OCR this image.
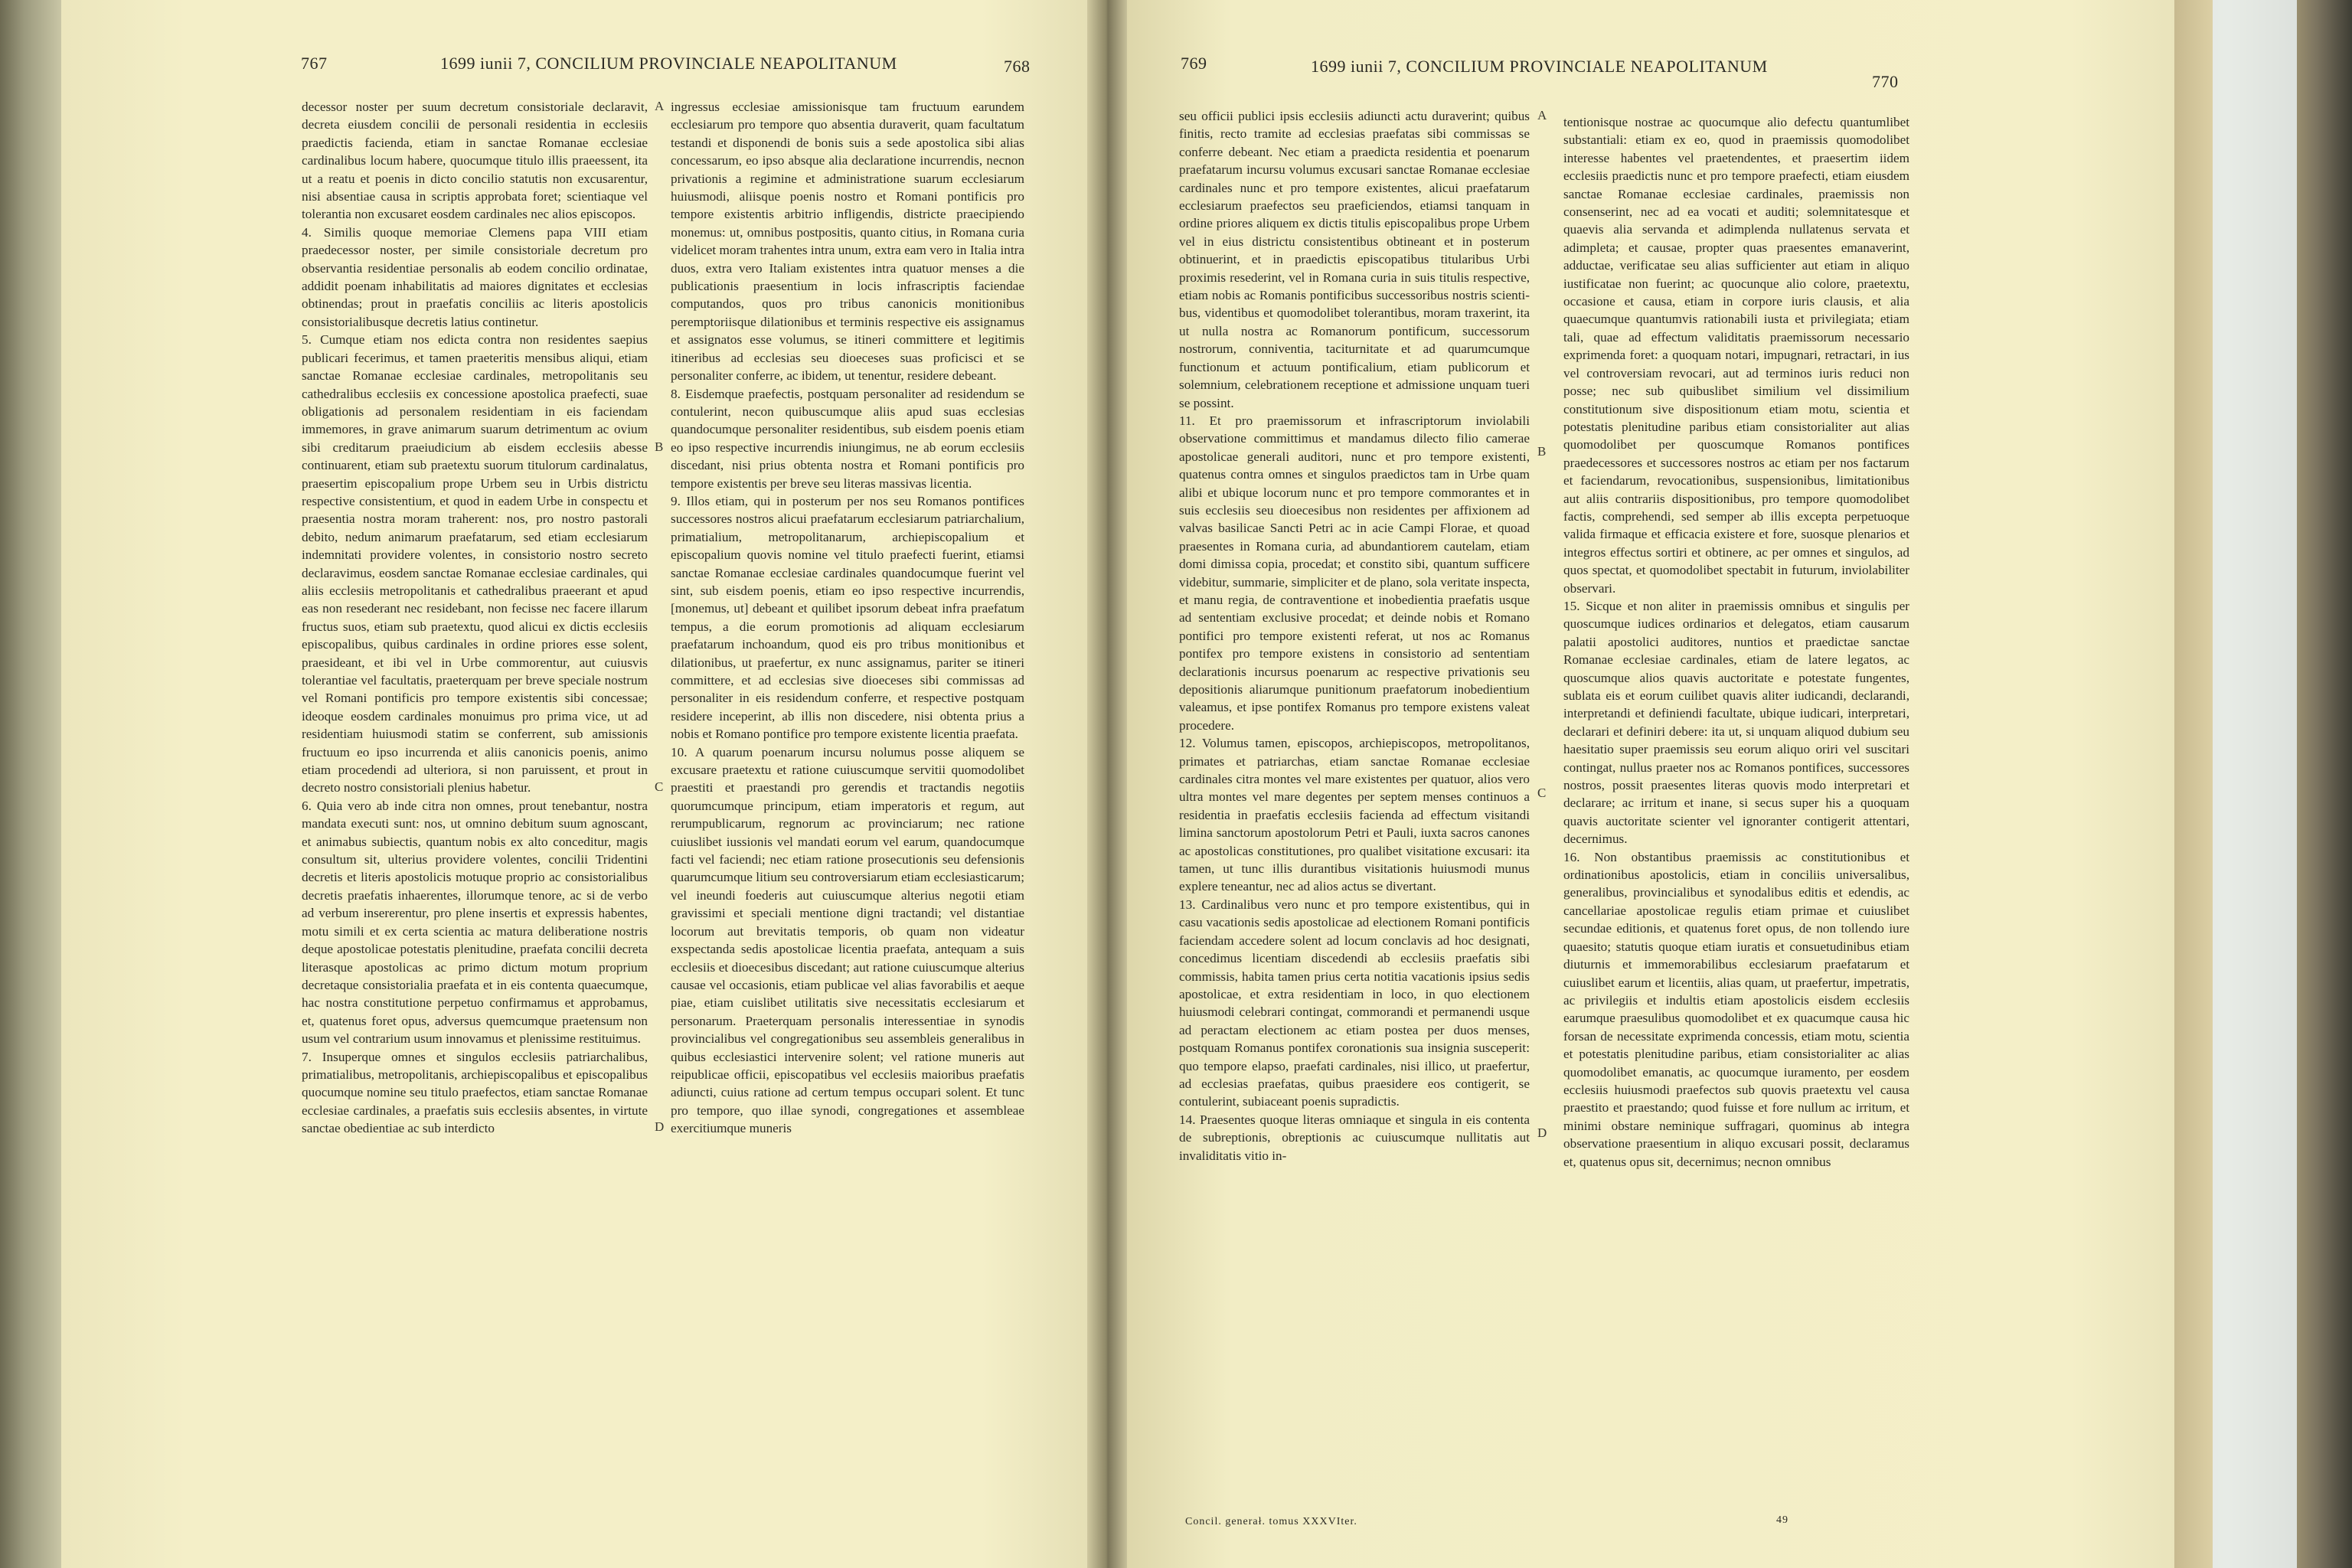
767	1699 iunii 7, CONCILIUM PROVINCIALE NEAPOLITANUM	768
decessor noster per suum decretum consistoriale declaravit, decreta eiusdem concilii de personali residentia in ecclesiis praedictis facienda, etiam in sanctae Romanae ecclesiae cardinalibus locum habere, quocumque titulo illis praeessent, ita ut a reatu et poenis in dicto concilio statutis non excusarentur, nisi absentiae causa in scriptis approbata foret; scientiaque vel tolerantia non excusaret eosdem cardinales nec alios episcopos.
4. Similis quoque memoriae Clemens papa VIII etiam praedecessor noster, per simile consistoriale decretum pro observantia residentiae personalis ab eodem concilio ordinatae, addidit poenam inhabilitatis ad maiores dignitates et ecclesias obtinendas; prout in praefatis conciliis ac literis apostolicis consistorialibusque decretis latius continetur.
5. Cumque etiam nos edicta contra non residentes saepius publicari fecerimus, et tamen praeteritis mensibus aliqui, etiam sanctae Romanae ecclesiae cardinales, metropolitanis seu cathedralibus ecclesiis ex concessione apostolica praefecti, suae obligationis ad personalem residentiam in eis faciendam immemores, in grave animarum suarum detrimentum ac ovium sibi creditarum praeiudicium ab eisdem ecclesiis abesse continuarent, etiam sub praetextu suorum titulorum cardinalatus, praesertim episcopalium prope Urbem seu in Urbis districtu respective consistentium, et quod in eadem Urbe in conspectu et praesentia nostra moram traherent: nos, pro nostro pastorali debito, nedum animarum praefatarum, sed etiam ecclesiarum indemnitati providere volentes, in consistorio nostro secreto declaravimus, eosdem sanctae Romanae ecclesiae cardinales, qui aliis ecclesiis metropolitanis et cathedralibus praeerant et apud eas non resederant nec residebant, non fecisse nec facere illarum fructus suos, etiam sub praetextu, quod alicui ex dictis ecclesiis episcopalibus, quibus cardinales in ordine priores esse solent, praesideant, et ibi vel in Urbe commorentur, aut cuiusvis tolerantiae vel facultatis, praeterquam per breve speciale nostrum vel Romani pontificis pro tempore existentis sibi concessae; ideoque eosdem cardinales monuimus pro prima vice, ut ad residentiam huiusmodi statim se conferrent, sub amissionis fructuum eo ipso incurrenda et aliis canonicis poenis, animo etiam procedendi ad ulteriora, si non paruissent, et prout in decreto nostro consistoriali plenius habetur.
6. Quia vero ab inde citra non omnes, prout tenebantur, nostra mandata executi sunt: nos, ut omnino debitum suum agnoscant, et animabus subiectis, quantum nobis ex alto conceditur, magis consultum sit, ulterius providere volentes, concilii Tridentini decretis et literis apostolicis motuque proprio ac consistorialibus decretis praefatis inhaerentes, illorumque tenore, ac si de verbo ad verbum insererentur, pro plene insertis et expressis habentes, motu simili et ex certa scientia ac matura deliberatione nostris deque apostolicae potestatis plenitudine, praefata concilii decreta literasque apostolicas ac primo dictum motum proprium decretaque consistorialia praefata et in eis contenta quaecumque, hac nostra constitutione perpetuo confirmamus et approbamus, et, quatenus foret opus, adversus quemcumque praetensum non usum vel contrarium usum innovamus et plenissime restituimus.
7. Insuperque omnes et singulos ecclesiis patriarchalibus, primatialibus, metropolitanis, archiepiscopalibus et episcopalibus quocumque nomine seu titulo praefectos, etiam sanctae Romanae ecclesiae cardinales, a praefatis suis ecclesiis absentes, in virtute sanctae obedientiae ac sub interdicto
ingressus ecclesiae amissionisque tam fructuum earundem ecclesiarum pro tempore quo absentia duraverit, quam facultatum testandi et disponendi de bonis suis a sede apostolica sibi alias concessarum, eo ipso absque alia declaratione incurrendis, necnon privationis a regimine et administratione suarum ecclesiarum huiusmodi, aliisque poenis nostro et Romani pontificis pro tempore existentis arbitrio infligendis, districte praecipiendo monemus: ut, omnibus postpositis, quanto citius, in Romana curia videlicet moram trahentes intra unum, extra eam vero in Italia intra duos, extra vero Italiam existentes intra quatuor menses a die publicationis praesentium in locis infrascriptis faciendae computandos, quos pro tribus canonicis monitionibus peremptoriisque dilationibus et terminis respective eis assignamus et assignatos esse volumus, se itineri committere et legitimis itineribus ad ecclesias seu dioeceses suas proficisci et se personaliter conferre, ac ibidem, ut tenentur, residere debeant.
8. Eisdemque praefectis, postquam personaliter ad residendum se contulerint, necon quibuscumque aliis apud suas ecclesias quandocumque personaliter residentibus, sub eisdem poenis etiam eo ipso respective incurrendis iniungimus, ne ab eorum ecclesiis discedant, nisi prius obtenta nostra et Romani pontificis pro tempore existentis per breve seu literas massivas licentia.
9. Illos etiam, qui in posterum per nos seu Romanos pontifices successores nostros alicui praefatarum ecclesiarum patriarchalium, primatialium, metropolitanarum, archiepiscopalium et episcopalium quovis nomine vel titulo praefecti fuerint, etiamsi sanctae Romanae ecclesiae cardinales quandocumque fuerint vel sint, sub eisdem poenis, etiam eo ipso respective incurrendis, [monemus, ut] debeant et quilibet ipsorum debeat infra praefatum tempus, a die eorum promotionis ad aliquam ecclesiarum praefatarum inchoandum, quod eis pro tribus monitionibus et dilationibus, ut praefertur, ex nunc assignamus, pariter se itineri committere, et ad ecclesias sive dioeceses sibi commissas ad personaliter in eis residendum conferre, et respective postquam residere inceperint, ab illis non discedere, nisi obtenta prius a nobis et Romano pontifice pro tempore existente licentia praefata.
10. A quarum poenarum incursu nolumus posse aliquem se excusare praetextu et ratione cuiuscumque servitii quomodolibet praestiti et praestandi pro gerendis et tractandis negotiis quorumcumque principum, etiam imperatoris et regum, aut rerumpublicarum, regnorum ac provinciarum; nec ratione cuiuslibet iussionis vel mandati eorum vel earum, quandocumque facti vel faciendi; nec etiam ratione prosecutionis seu defensionis quarumcumque litium seu controversiarum etiam ecclesiasticarum; vel ineundi foederis aut cuiuscumque alterius negotii etiam gravissimi et speciali mentione digni tractandi; vel distantiae locorum aut brevitatis temporis, ob quam non videatur exspectanda sedis apostolicae licentia praefata, antequam a suis ecclesiis et dioecesibus discedant; aut ratione cuiuscumque alterius causae vel occasionis, etiam publicae vel alias favorabilis et aeque piae, etiam cuislibet utilitatis sive necessitatis ecclesiarum et personarum. Praeterquam personalis interessentiae in synodis provincialibus vel congregationibus seu assembleis generalibus in quibus ecclesiastici intervenire solent; vel ratione muneris aut reipublicae officii, episcopatibus vel ecclesiis maioribus praefatis adiuncti, cuius ratione ad certum tempus occupari solent. Et tunc pro tempore, quo illae synodi, congregationes et assembleae exercitiumque muneris
A
B
C
D
769	1699 iunii 7, CONCILIUM PROVINCIALE NEAPOLITANUM
770
seu officii publici ipsis ecclesiis adiuncti actu duraverint; quibus finitis, recto tramite ad ecclesias praefatas sibi commissas se conferre debeant. Nec etiam a praedicta residentia et poenarum praefatarum incursu volumus excusari sanctae Romanae ecclesiae cardinales nunc et pro tempore existentes, alicui praefatarum ecclesiarum praefectos seu praeficiendos, etiamsi tanquam in ordine priores aliquem ex dictis titulis episcopalibus prope Urbem vel in eius districtu consistentibus obtineant et in posterum obtinuerint, et in praedictis episcopatibus titularibus Urbi proximis resederint, vel in Romana curia in suis titulis respective, etiam nobis ac Romanis pontificibus successoribus nostris scientibus, videntibus et quomodolibet tolerantibus, moram traxerint, ita ut nulla nostra ac Romanorum pontificum, successorum nostrorum, conniventia, taciturnitate et ad quarumcumque functionum et actuum pontificalium, etiam publicorum et solemnium, celebrationem receptione et admissione unquam tueri se possint.
11. Et pro praemissorum et infrascriptorum inviolabili observatione committimus et mandamus dilecto filio camerae apostolicae generali auditori, nunc et pro tempore existenti, quatenus contra omnes et singulos praedictos tam in Urbe quam alibi et ubique locorum nunc et pro tempore commorantes et in suis ecclesiis seu dioecesibus non residentes per affixionem ad valvas basilicae Sancti Petri ac in acie Campi Florae, et quoad praesentes in Romana curia, ad abundantiorem cautelam, etiam domi dimissa copia, procedat; et constito sibi, quantum sufficere videbitur, summarie, simpliciter et de plano, sola veritate inspecta, et manu regia, de contraventione et inobedientia praefatis usque ad sententiam exclusive procedat; et deinde nobis et Romano pontifici pro tempore existenti referat, ut nos ac Romanus pontifex pro tempore existens in consistorio ad sententiam declarationis incursus poenarum ac respective privationis seu depositionis aliarumque punitionum praefatorum inobedientium valeamus, et ipse pontifex Romanus pro tempore existens valeat procedere.
12. Volumus tamen, episcopos, archiepiscopos, metropolitanos, primates et patriarchas, etiam sanctae Romanae ecclesiae cardinales citra montes vel mare existentes per quatuor, alios vero ultra montes vel mare degentes per septem menses continuos a residentia in praefatis ecclesiis facienda ad effectum visitandi limina sanctorum apostolorum Petri et Pauli, iuxta sacros canones ac apostolicas constitutiones, pro qualibet visitatione excusari: ita tamen, ut tunc illis durantibus visitationis huiusmodi munus explere teneantur, nec ad alios actus se divertant.
13. Cardinalibus vero nunc et pro tempore existentibus, qui in casu vacationis sedis apostolicae ad electionem Romani pontificis faciendam accedere solent ad locum conclavis ad hoc designati, concedimus licentiam discedendi ab ecclesiis praefatis sibi commissis, habita tamen prius certa notitia vacationis ipsius sedis apostolicae, et extra residentiam in loco, in quo electionem huiusmodi celebrari contingat, commorandi et permanendi usque ad peractam electionem ac etiam postea per duos menses, postquam Romanus pontifex coronationis sua insignia susceperit: quo tempore elapso, praefati cardinales, nisi illico, ut praefertur, ad ecclesias praefatas, quibus praesidere eos contigerit, se contulerint, subiaceant poenis supradictis.
14. Praesentes quoque literas omniaque et singula in eis contenta de subreptionis, obreptionis ac cuiuscumque nullitatis aut invaliditatis vitio in-
tentionisque nostrae ac quocumque alio defectu quantumlibet substantiali: etiam ex eo, quod in praemissis quomodolibet interesse habentes vel praetendentes, et praesertim iidem ecclesiis praedictis nunc et pro tempore praefecti, etiam eiusdem sanctae Romanae ecclesiae cardinales, praemissis non consenserint, nec ad ea vocati et auditi; solemnitatesque et quaevis alia servanda et adimplenda nullatenus servata et adimpleta; et causae, propter quas praesentes emanaverint, adductae, verificatae seu alias sufficienter aut etiam in aliquo iustificatae non fuerint; ac quocunque alio colore, praetextu, occasione et causa, etiam in corpore iuris clausis, et alia quaecumque quantumvis rationabili iusta et privilegiata; etiam tali, quae ad effectum validitatis praemissorum necessario exprimenda foret: a quoquam notari, impugnari, retractari, in ius vel controversiam revocari, aut ad terminos iuris reduci non posse; nec sub quibuslibet similium vel dissimilium constitutionum sive dispositionum etiam motu, scientia et potestatis plenitudine paribus etiam consistorialiter aut alias quomodolibet per quoscumque Romanos pontifices praedecessores et successores nostros ac etiam per nos factarum et faciendarum, revocationibus, suspensionibus, limitationibus aut aliis contrariis dispositionibus, pro tempore quomodolibet factis, comprehendi, sed semper ab illis excepta perpetuoque valida firmaque et efficacia existere et fore, suosque plenarios et integros effectus sortiri et obtinere, ac per omnes et singulos, ad quos spectat, et quomodolibet spectabit in futurum, inviolabiliter observari.
15. Sicque et non aliter in praemissis omnibus et singulis per quoscumque iudices ordinarios et delegatos, etiam causarum palatii apostolici auditores, nuntios et praedictae sanctae Romanae ecclesiae cardinales, etiam de latere legatos, ac quoscumque alios quavis auctoritate e potestate fungentes, sublata eis et eorum cuilibet quavis aliter iudicandi, declarandi, interpretandi et definiendi facultate, ubique iudicari, interpretari, declarari et definiri debere: ita ut, si unquam aliquod dubium seu haesitatio super praemissis seu eorum aliquo oriri vel suscitari contingat, nullus praeter nos ac Romanos pontifices, successores nostros, possit praesentes literas quovis modo interpretari et declarare; ac irritum et inane, si secus super his a quoquam quavis auctoritate scienter vel ignoranter contigerit attentari, decernimus.
16. Non obstantibus praemissis ac constitutionibus et ordinationibus apostolicis, etiam in conciliis universalibus, generalibus, provincialibus et synodalibus editis et edendis, ac cancellariae apostolicae regulis etiam primae et cuiuslibet secundae editionis, et quatenus foret opus, de non tollendo iure quaesito; statutis quoque etiam iuratis et consuetudinibus etiam diuturnis et immemorabilibus ecclesiarum praefatarum et cuiuslibet earum et licentiis, alias quam, ut praefertur, impetratis, ac privilegiis et indultis etiam apostolicis eisdem ecclesiis earumque praesulibus quomodolibet et ex quacumque causa hic forsan de necessitate exprimenda concessis, etiam motu, scientia et potestatis plenitudine paribus, etiam consistorialiter ac alias quomodolibet emanatis, ac quocumque iuramento, per eosdem ecclesiis huiusmodi praefectos sub quovis praetextu vel causa praestito et praestando; quod fuisse et fore nullum ac irritum, et minimi obstare neminique suffragari, quominus ab integra observatione praesentium in aliquo excusari possit, declaramus et, quatenus opus sit, decernimus; necnon omnibus
A
B
C
D
Concil. generał. tomus XXXVIter.	49
